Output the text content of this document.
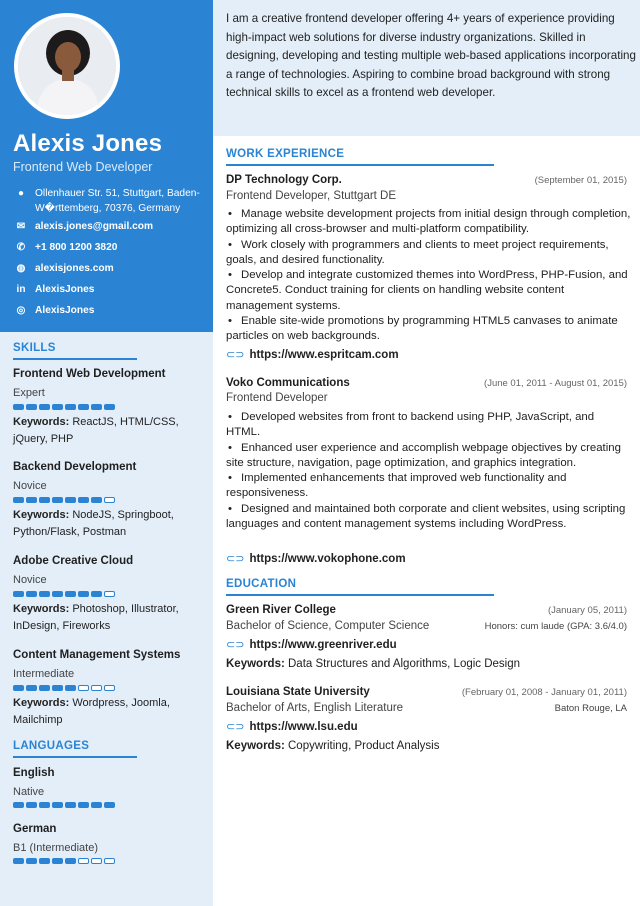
Alexis Jones
Frontend Web Developer
●	Ollenhauer Str. 51, Stuttgart, Baden-W�rttemberg, 70376, Germany
✉ alexis.jones@gmail.com
✆ +1 800 1200 3820
◍ alexisjones.com
in AlexisJones
◎ AlexisJones
SKILLS
Frontend Web Development
Expert
Keywords: ReactJS, HTML/CSS, jQuery, PHP
Backend Development
Novice
Keywords: NodeJS, Springboot, Python/Flask, Postman
Adobe Creative Cloud
Novice
Keywords: Photoshop, Illustrator, InDesign, Fireworks
Content Management Systems
Intermediate
Keywords: Wordpress, Joomla, Mailchimp
LANGUAGES
English
Native
German
B1 (Intermediate)

I am a creative frontend developer offering 4+ years of experience providing high-impact web solutions for diverse industry organizations. Skilled in designing, developing and testing multiple web-based applications incorporating a range of technologies. Aspiring to combine broad background with strong technical skills to excel as a frontend web developer.

WORK EXPERIENCE
DP Technology Corp.	(September 01, 2015)
Frontend Developer, Stuttgart DE
• Manage website development projects from initial design through completion, optimizing all cross-browser and multi-platform compatibility.
• Work closely with programmers and clients to meet project requirements, goals, and desired functionality.
• Develop and integrate customized themes into WordPress, PHP-Fusion, and Concrete5. Conduct training for clients on handling website content management systems.
• Enable site-wide promotions by programming HTML5 canvases to animate particles on web backgrounds.
⊂⊃ https://www.espritcam.com
Voko Communications	(June 01, 2011 - August 01, 2015)
Frontend Developer
• Developed websites from front to backend using PHP, JavaScript, and HTML.
• Enhanced user experience and accomplish webpage objectives by creating site structure, navigation, page optimization, and graphics integration.
• Implemented enhancements that improved web functionality and responsiveness.
• Designed and maintained both corporate and client websites, using scripting languages and content management systems including WordPress.
⊂⊃ https://www.vokophone.com
EDUCATION
Green River College	(January 05, 2011)
Bachelor of Science, Computer Science	Honors: cum laude (GPA: 3.6/4.0)
⊂⊃ https://www.greenriver.edu
Keywords: Data Structures and Algorithms, Logic Design
Louisiana State University	(February 01, 2008 - January 01, 2011)
Bachelor of Arts, English Literature	Baton Rouge, LA
⊂⊃ https://www.lsu.edu
Keywords: Copywriting, Product Analysis
